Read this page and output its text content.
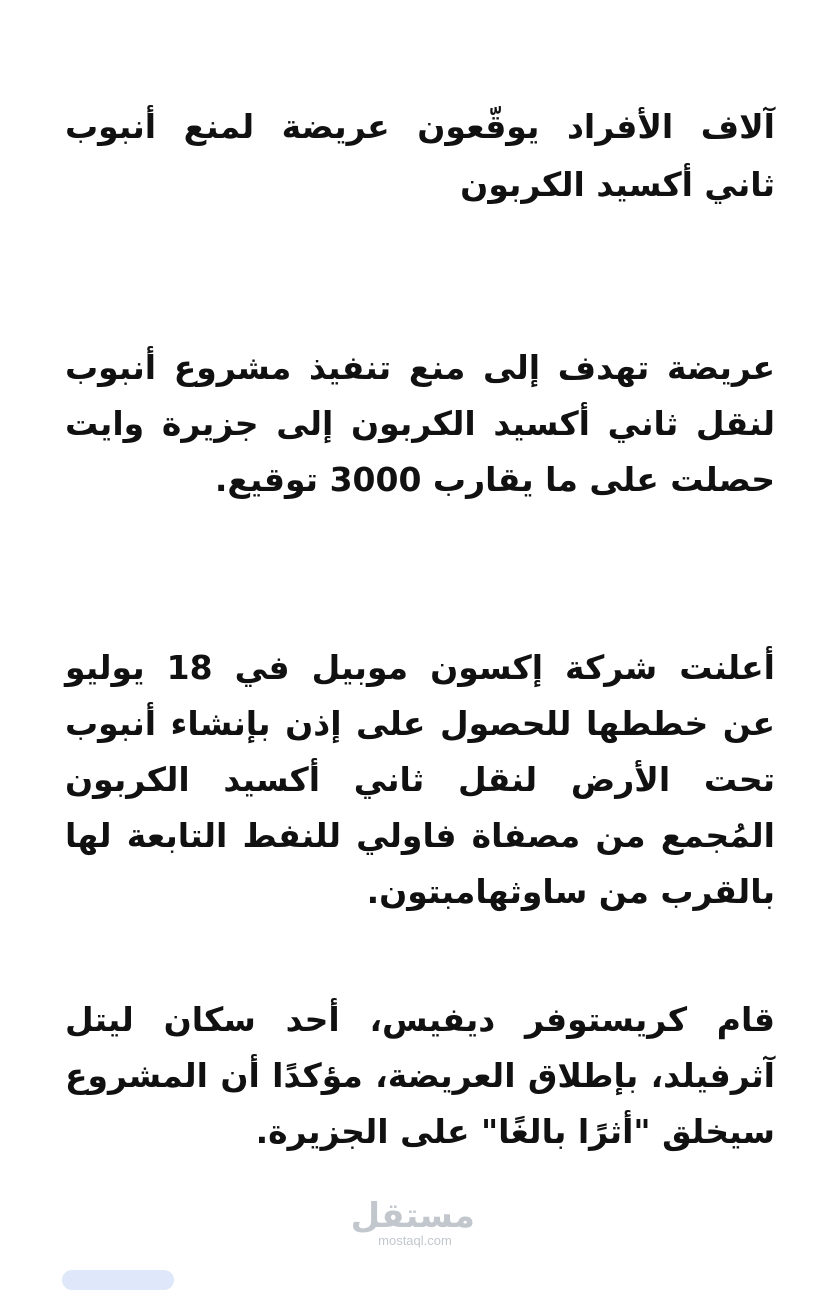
آلاف الأفراد يوقّعون عريضة لمنع أنبوب ثاني أكسيد الكربون

عريضة تهدف إلى منع تنفيذ مشروع أنبوب لنقل ثاني أكسيد الكربون إلى جزيرة وايت حصلت على ما يقارب 3000 توقيع.

أعلنت شركة إكسون موبيل في 18 يوليو عن خططها للحصول على إذن بإنشاء أنبوب تحت الأرض لنقل ثاني أكسيد الكربون المُجمع من مصفاة فاولي للنفط التابعة لها بالقرب من ساوثهامبتون.

قام كريستوفر ديفيس، أحد سكان ليتل آثرفيلد، بإطلاق العريضة، مؤكدًا أن المشروع سيخلق "أثرًا بالغًا" على الجزيرة.

مستقل
mostaql.com
